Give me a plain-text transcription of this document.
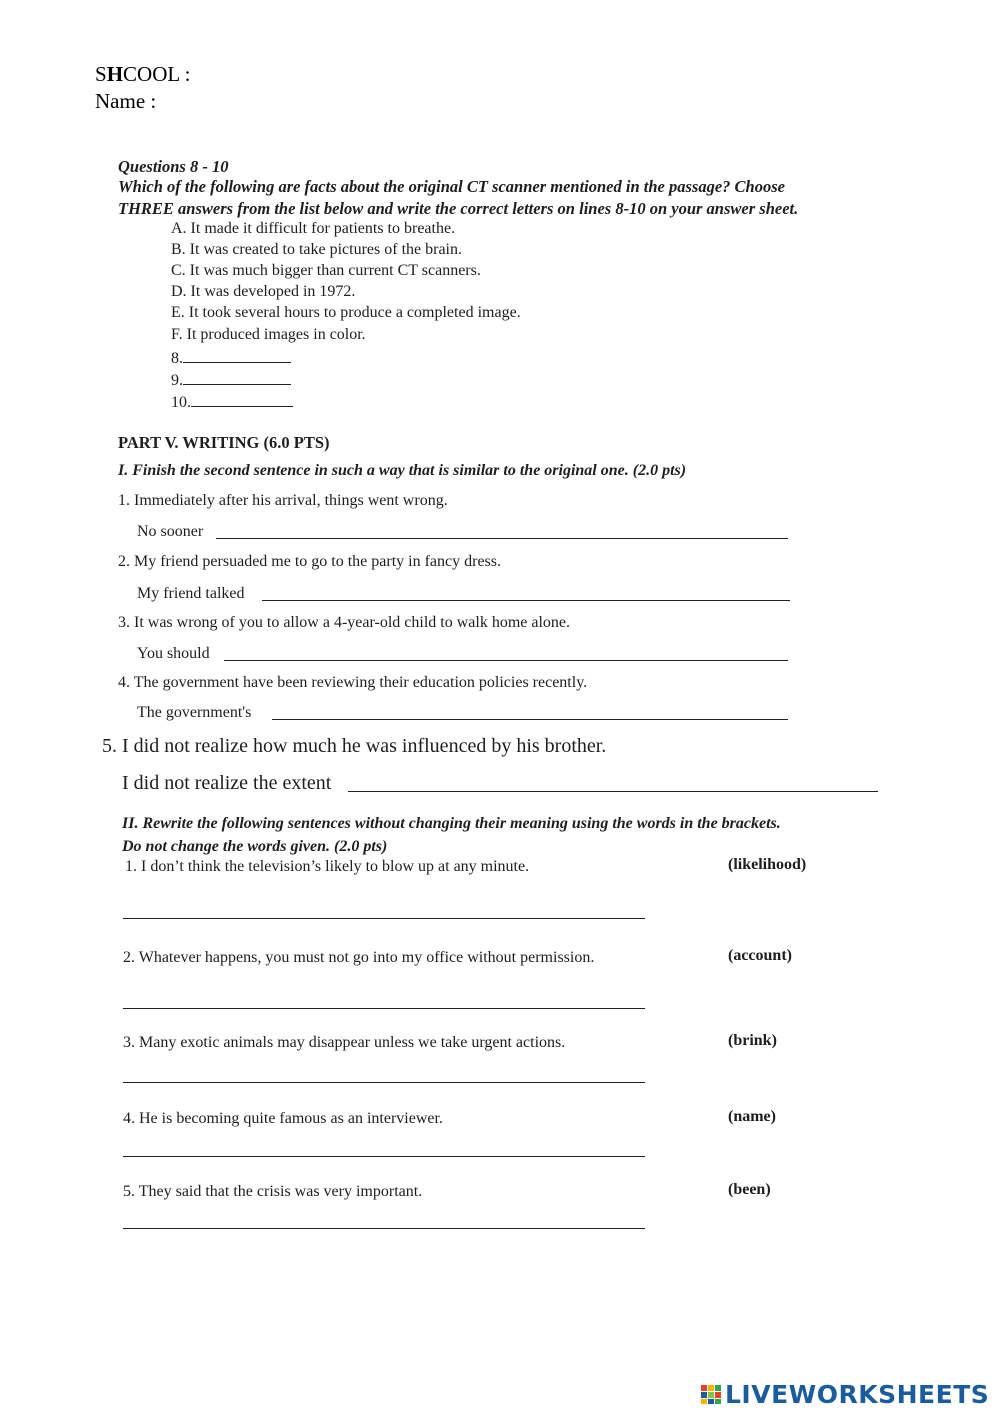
SHCOOL :
Name :
Questions 8 - 10
Which of the following are facts about the original CT scanner mentioned in the passage? Choose
THREE answers from the list below and write the correct letters on lines 8-10 on your answer sheet.
A. It made it difficult for patients to breathe.
B. It was created to take pictures of the brain.
C. It was much bigger than current CT scanners.
D. It was developed in 1972.
E. It took several hours to produce a completed image.
F. It produced images in color.
8.
9.
10.
PART V. WRITING (6.0 PTS)
I. Finish the second sentence in such a way that is similar to the original one. (2.0 pts)
1. Immediately after his arrival, things went wrong.
No sooner
2. My friend persuaded me to go to the party in fancy dress.
My friend talked
3. It was wrong of you to allow a 4-year-old child to walk home alone.
You should
4. The government have been reviewing their education policies recently.
The government's
5. I did not realize how much he was influenced by his brother.
I did not realize the extent
II. Rewrite the following sentences without changing their meaning using the words in the brackets.
Do not change the words given. (2.0 pts)
1. I don’t think the television’s likely to blow up at any minute.	(likelihood)
2. Whatever happens, you must not go into my office without permission.	(account)
3. Many exotic animals may disappear unless we take urgent actions.	(brink)
4. He is becoming quite famous as an interviewer.	(name)
5. They said that the crisis was very important.	(been)
LIVEWORKSHEETS
